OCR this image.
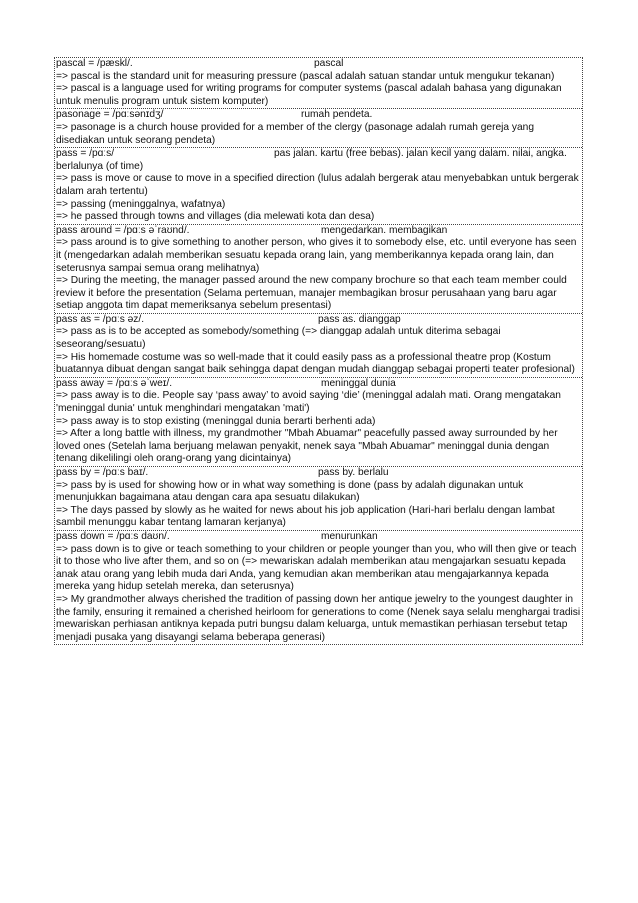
pascal = /pæskl/.	pascal

=> pascal is the standard unit for measuring pressure (pascal adalah satuan standar untuk mengukur tekanan)

=> pascal is a language used for writing programs for computer systems (pascal adalah bahasa yang digunakan untuk menulis program untuk sistem komputer)

pasonage = /pɑːsənɪdʒ/	rumah pendeta.

=> pasonage is a church house provided for a member of the clergy (pasonage adalah rumah gereja yang disediakan untuk seorang pendeta)

pass = /pɑːs/	pas jalan. kartu (free bebas). jalan kecil yang dalam. nilai, angka. berlalunya (of time)

=> pass is move or cause to move in a specified direction (lulus adalah bergerak atau menyebabkan untuk bergerak dalam arah tertentu)

=> passing (meninggalnya, wafatnya)

=> he passed through towns and villages (dia melewati kota dan desa)

pass around = /pɑːs əˈraʊnd/.	mengedarkan. membagikan

=> pass around is to give something to another person, who gives it to somebody else, etc. until everyone has seen it (mengedarkan adalah memberikan sesuatu kepada orang lain, yang memberikannya kepada orang lain, dan seterusnya sampai semua orang melihatnya)

=> During the meeting, the manager passed around the new company brochure so that each team member could review it before the presentation (Selama pertemuan, manajer membagikan brosur perusahaan yang baru agar setiap anggota tim dapat memeriksanya sebelum presentasi)

pass as = /pɑːs əz/.	pass as. dianggap

=> pass as is to be accepted as somebody/something (=> dianggap adalah untuk diterima sebagai seseorang/sesuatu)

=> His homemade costume was so well-made that it could easily pass as a professional theatre prop (Kostum buatannya dibuat dengan sangat baik sehingga dapat dengan mudah dianggap sebagai properti teater profesional)

pass away = /pɑːs əˈweɪ/.	meninggal dunia

=> pass away is to die. People say ‘pass away’ to avoid saying ‘die’ (meninggal adalah mati. Orang mengatakan 'meninggal dunia' untuk menghindari mengatakan 'mati')

=> pass away is to stop existing (meninggal dunia berarti berhenti ada)

=> After a long battle with illness, my grandmother "Mbah Abuamar" peacefully passed away surrounded by her loved ones (Setelah lama berjuang melawan penyakit, nenek saya "Mbah Abuamar" meninggal dunia dengan tenang dikelilingi oleh orang-orang yang dicintainya)

pass by = /pɑːs baɪ/.	pass by. berlalu

=> pass by is used for showing how or in what way something is done (pass by adalah digunakan untuk menunjukkan bagaimana atau dengan cara apa sesuatu dilakukan)

=> The days passed by slowly as he waited for news about his job application (Hari-hari berlalu dengan lambat sambil menunggu kabar tentang lamaran kerjanya)

pass down = /pɑːs daʊn/.	menurunkan

=> pass down is to give or teach something to your children or people younger than you, who will then give or teach it to those who live after them, and so on (=> mewariskan adalah memberikan atau mengajarkan sesuatu kepada anak atau orang yang lebih muda dari Anda, yang kemudian akan memberikan atau mengajarkannya kepada mereka yang hidup setelah mereka, dan seterusnya)

=> My grandmother always cherished the tradition of passing down her antique jewelry to the youngest daughter in the family, ensuring it remained a cherished heirloom for generations to come (Nenek saya selalu menghargai tradisi mewariskan perhiasan antiknya kepada putri bungsu dalam keluarga, untuk memastikan perhiasan tersebut tetap menjadi pusaka yang disayangi selama beberapa generasi)
